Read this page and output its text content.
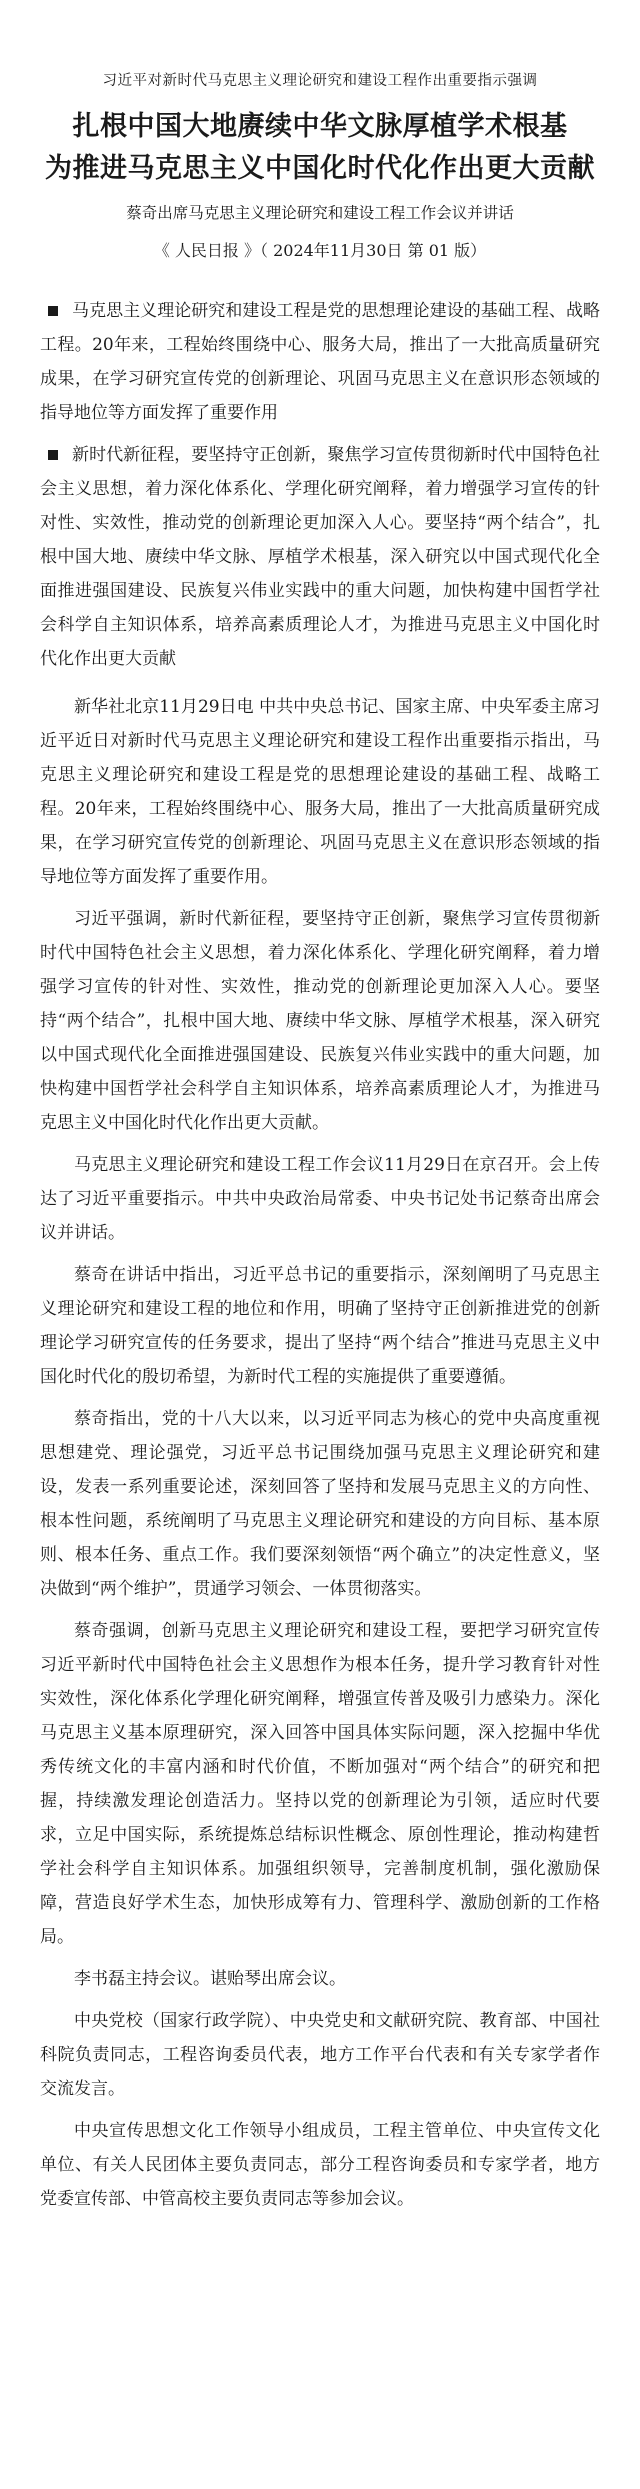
习近平对新时代马克思主义理论研究和建设工程作出重要指示强调
扎根中国大地赓续中华文脉厚植学术根基
为推进马克思主义中国化时代化作出更大贡献
蔡奇出席马克思主义理论研究和建设工程工作会议并讲话
《 人民日报 》（ 2024年11月30日 第 01 版）

马克思主义理论研究和建设工程是党的思想理论建设的基础工程、战略工程。20年来，工程始终围绕中心、服务大局，推出了一大批高质量研究成果，在学习研究宣传党的创新理论、巩固马克思主义在意识形态领域的指导地位等方面发挥了重要作用

新时代新征程，要坚持守正创新，聚焦学习宣传贯彻新时代中国特色社会主义思想，着力深化体系化、学理化研究阐释，着力增强学习宣传的针对性、实效性，推动党的创新理论更加深入人心。要坚持“两个结合”，扎根中国大地、赓续中华文脉、厚植学术根基，深入研究以中国式现代化全面推进强国建设、民族复兴伟业实践中的重大问题，加快构建中国哲学社会科学自主知识体系，培养高素质理论人才，为推进马克思主义中国化时代化作出更大贡献

新华社北京11月29日电 中共中央总书记、国家主席、中央军委主席习近平近日对新时代马克思主义理论研究和建设工程作出重要指示指出，马克思主义理论研究和建设工程是党的思想理论建设的基础工程、战略工程。20年来，工程始终围绕中心、服务大局，推出了一大批高质量研究成果，在学习研究宣传党的创新理论、巩固马克思主义在意识形态领域的指导地位等方面发挥了重要作用。

习近平强调，新时代新征程，要坚持守正创新，聚焦学习宣传贯彻新时代中国特色社会主义思想，着力深化体系化、学理化研究阐释，着力增强学习宣传的针对性、实效性，推动党的创新理论更加深入人心。要坚持“两个结合”，扎根中国大地、赓续中华文脉、厚植学术根基，深入研究以中国式现代化全面推进强国建设、民族复兴伟业实践中的重大问题，加快构建中国哲学社会科学自主知识体系，培养高素质理论人才，为推进马克思主义中国化时代化作出更大贡献。

马克思主义理论研究和建设工程工作会议11月29日在京召开。会上传达了习近平重要指示。中共中央政治局常委、中央书记处书记蔡奇出席会议并讲话。

蔡奇在讲话中指出，习近平总书记的重要指示，深刻阐明了马克思主义理论研究和建设工程的地位和作用，明确了坚持守正创新推进党的创新理论学习研究宣传的任务要求，提出了坚持“两个结合”推进马克思主义中国化时代化的殷切希望，为新时代工程的实施提供了重要遵循。

蔡奇指出，党的十八大以来，以习近平同志为核心的党中央高度重视思想建党、理论强党，习近平总书记围绕加强马克思主义理论研究和建设，发表一系列重要论述，深刻回答了坚持和发展马克思主义的方向性、根本性问题，系统阐明了马克思主义理论研究和建设的方向目标、基本原则、根本任务、重点工作。我们要深刻领悟“两个确立”的决定性意义，坚决做到“两个维护”，贯通学习领会、一体贯彻落实。

蔡奇强调，创新马克思主义理论研究和建设工程，要把学习研究宣传习近平新时代中国特色社会主义思想作为根本任务，提升学习教育针对性实效性，深化体系化学理化研究阐释，增强宣传普及吸引力感染力。深化马克思主义基本原理研究，深入回答中国具体实际问题，深入挖掘中华优秀传统文化的丰富内涵和时代价值，不断加强对“两个结合”的研究和把握，持续激发理论创造活力。坚持以党的创新理论为引领，适应时代要求，立足中国实际，系统提炼总结标识性概念、原创性理论，推动构建哲学社会科学自主知识体系。加强组织领导，完善制度机制，强化激励保障，营造良好学术生态，加快形成筹有力、管理科学、激励创新的工作格局。

李书磊主持会议。谌贻琴出席会议。

中央党校（国家行政学院）、中央党史和文献研究院、教育部、中国社科院负责同志，工程咨询委员代表，地方工作平台代表和有关专家学者作交流发言。

中央宣传思想文化工作领导小组成员，工程主管单位、中央宣传文化单位、有关人民团体主要负责同志，部分工程咨询委员和专家学者，地方党委宣传部、中管高校主要负责同志等参加会议。
